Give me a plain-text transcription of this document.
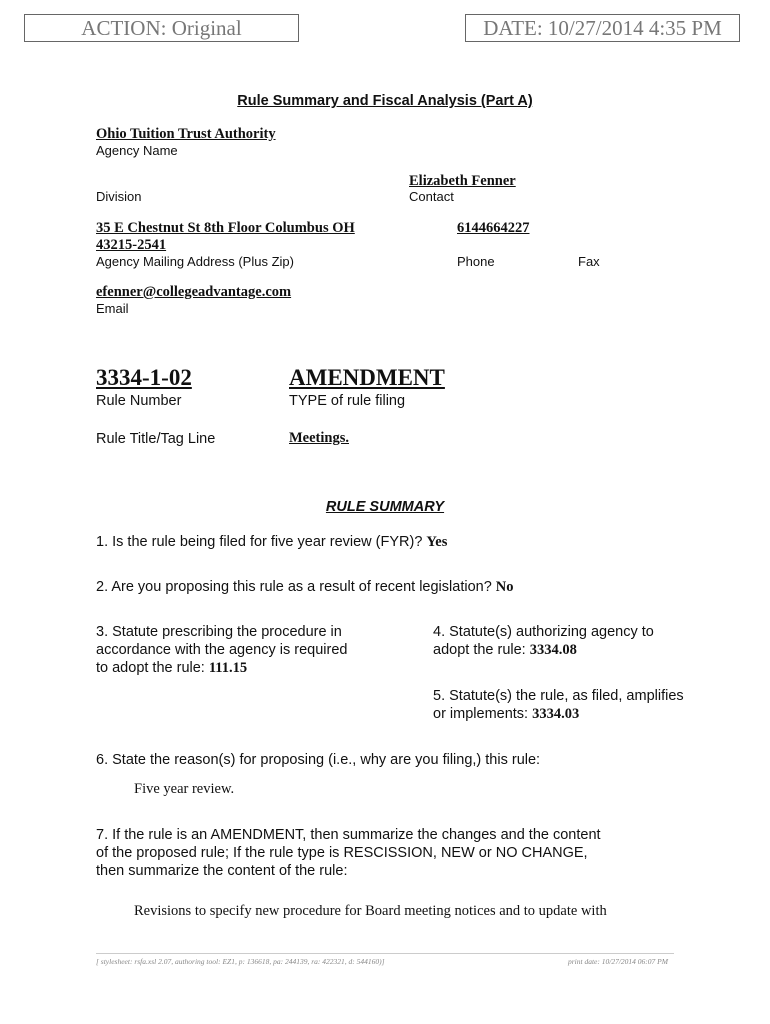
ACTION: Original	DATE: 10/27/2014 4:35 PM
Rule Summary and Fiscal Analysis (Part A)
Ohio Tuition Trust Authority
Agency Name
Elizabeth Fenner
Division	Contact
35 E Chestnut St 8th Floor Columbus OH
43215-2541
6144664227
Agency Mailing Address (Plus Zip)	Phone	Fax
efenner@collegeadvantage.com
Email
3334-1-02	AMENDMENT
Rule Number	TYPE of rule filing
Rule Title/Tag Line	Meetings.
RULE SUMMARY
1. Is the rule being filed for five year review (FYR)? Yes
2. Are you proposing this rule as a result of recent legislation? No
3. Statute prescribing the procedure in
accordance with the agency is required
to adopt the rule: 111.15
4. Statute(s) authorizing agency to
adopt the rule: 3334.08
5. Statute(s) the rule, as filed, amplifies
or implements: 3334.03
6. State the reason(s) for proposing (i.e., why are you filing,) this rule:
Five year review.
7. If the rule is an AMENDMENT, then summarize the changes and the content
of the proposed rule; If the rule type is RESCISSION, NEW or NO CHANGE,
then summarize the content of the rule:
Revisions to specify new procedure for Board meeting notices and to update with
[ stylesheet: rsfa.xsl 2.07, authoring tool: EZ1, p: 136618, pa: 244139, ra: 422321, d: 544160)]	print date: 10/27/2014 06:07 PM
